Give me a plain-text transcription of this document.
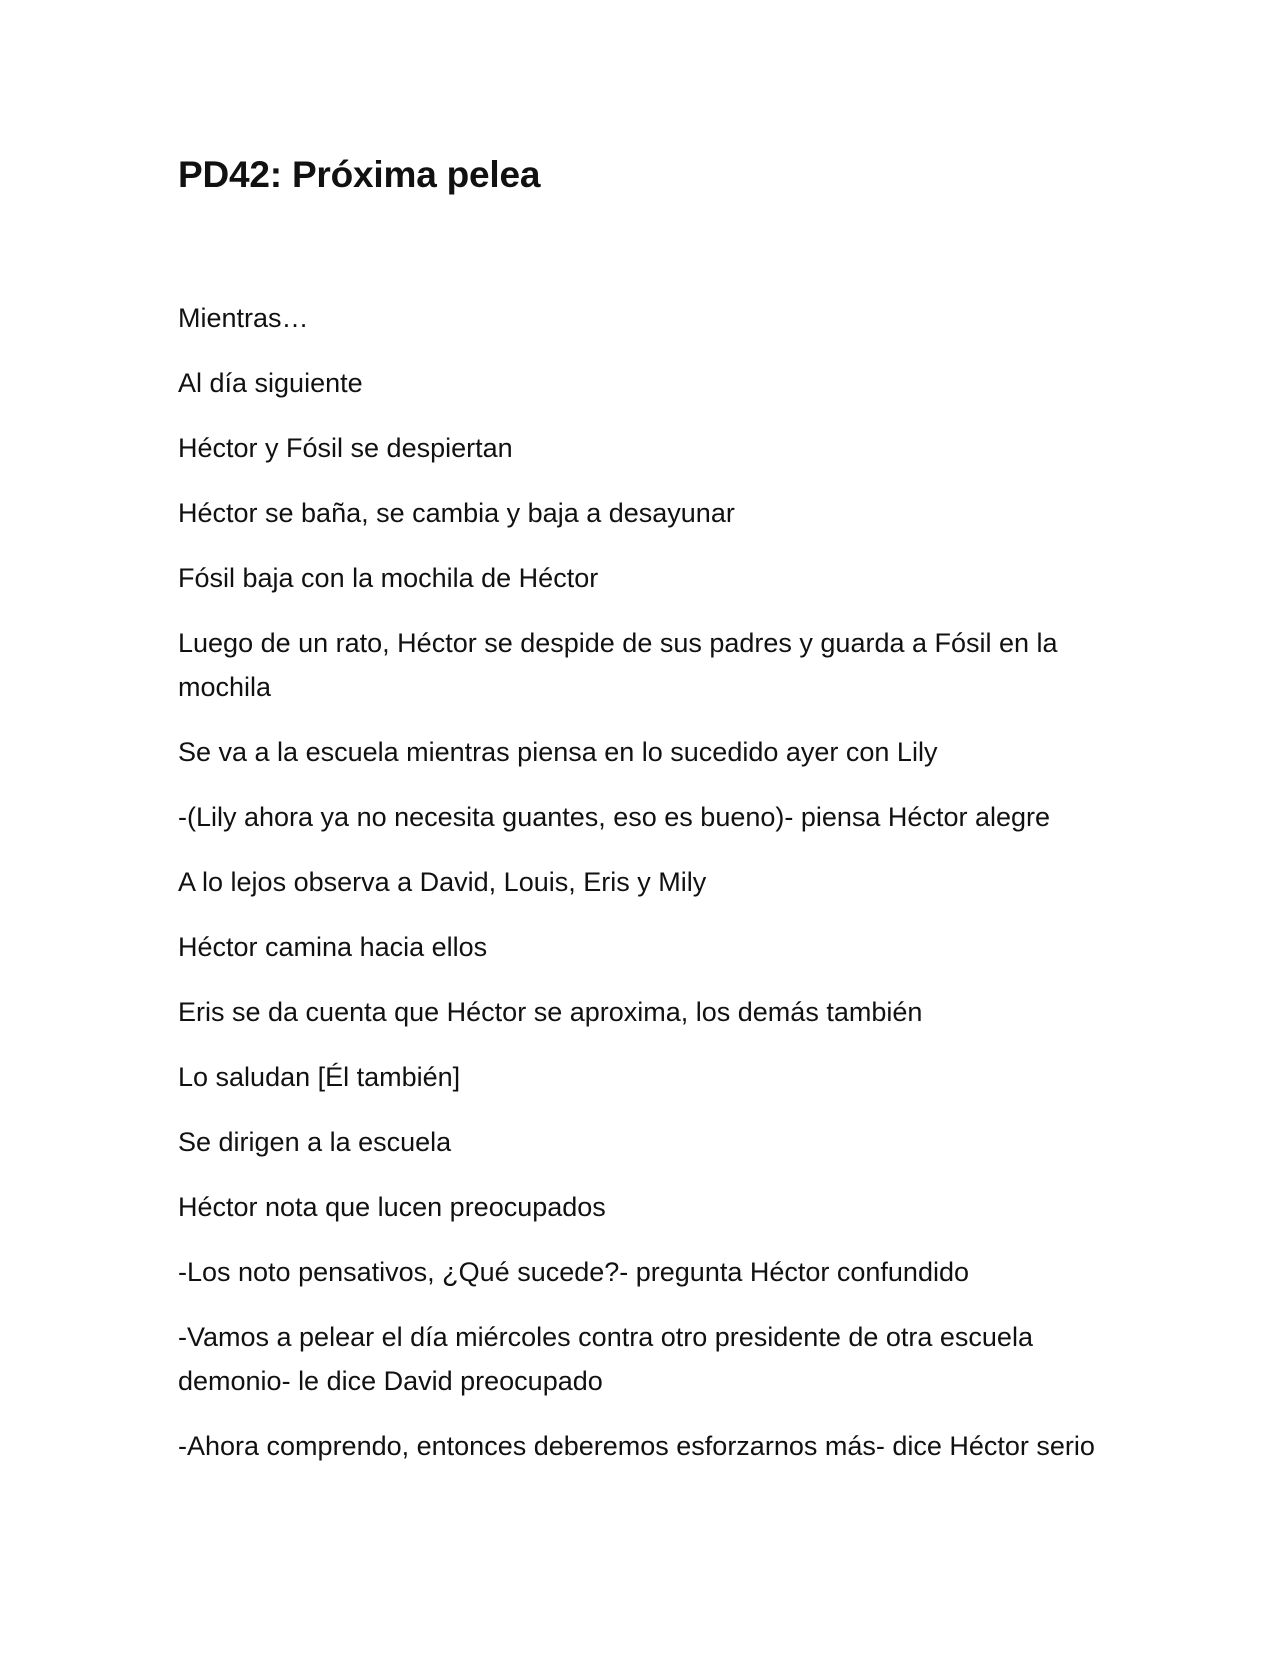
PD42: Próxima pelea

Mientras…

Al día siguiente

Héctor y Fósil se despiertan

Héctor se baña, se cambia y baja a desayunar

Fósil baja con la mochila de Héctor

Luego de un rato, Héctor se despide de sus padres y guarda a Fósil en la mochila

Se va a la escuela mientras piensa en lo sucedido ayer con Lily

-(Lily ahora ya no necesita guantes, eso es bueno)- piensa Héctor alegre

A lo lejos observa a David, Louis, Eris y Mily

Héctor camina hacia ellos

Eris se da cuenta que Héctor se aproxima, los demás también

Lo saludan [Él también]

Se dirigen a la escuela

Héctor nota que lucen preocupados

-Los noto pensativos, ¿Qué sucede?- pregunta Héctor confundido

-Vamos a pelear el día miércoles contra otro presidente de otra escuela demonio- le dice David preocupado

-Ahora comprendo, entonces deberemos esforzarnos más- dice Héctor serio
